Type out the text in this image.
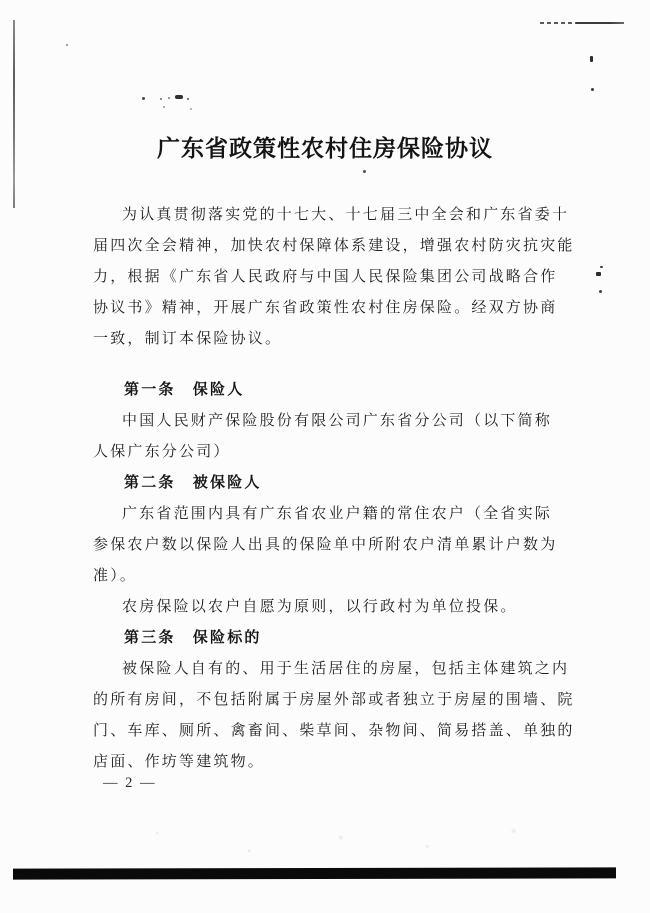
广东省政策性农村住房保险协议
为认真贯彻落实党的十七大、十七届三中全会和广东省委十
届四次全会精神，加快农村保障体系建设，增强农村防灾抗灾能
力，根据《广东省人民政府与中国人民保险集团公司战略合作
协议书》精神，开展广东省政策性农村住房保险。经双方协商
一致，制订本保险协议。
第一条　保险人
中国人民财产保险股份有限公司广东省分公司（以下简称
人保广东分公司）
第二条　被保险人
广东省范围内具有广东省农业户籍的常住农户（全省实际
参保农户数以保险人出具的保险单中所附农户清单累计户数为
准）。
农房保险以农户自愿为原则，以行政村为单位投保。
第三条　保险标的
被保险人自有的、用于生活居住的房屋，包括主体建筑之内
的所有房间，不包括附属于房屋外部或者独立于房屋的围墙、院
门、车库、厕所、禽畜间、柴草间、杂物间、简易搭盖、单独的
店面、作坊等建筑物。
— 2 —
